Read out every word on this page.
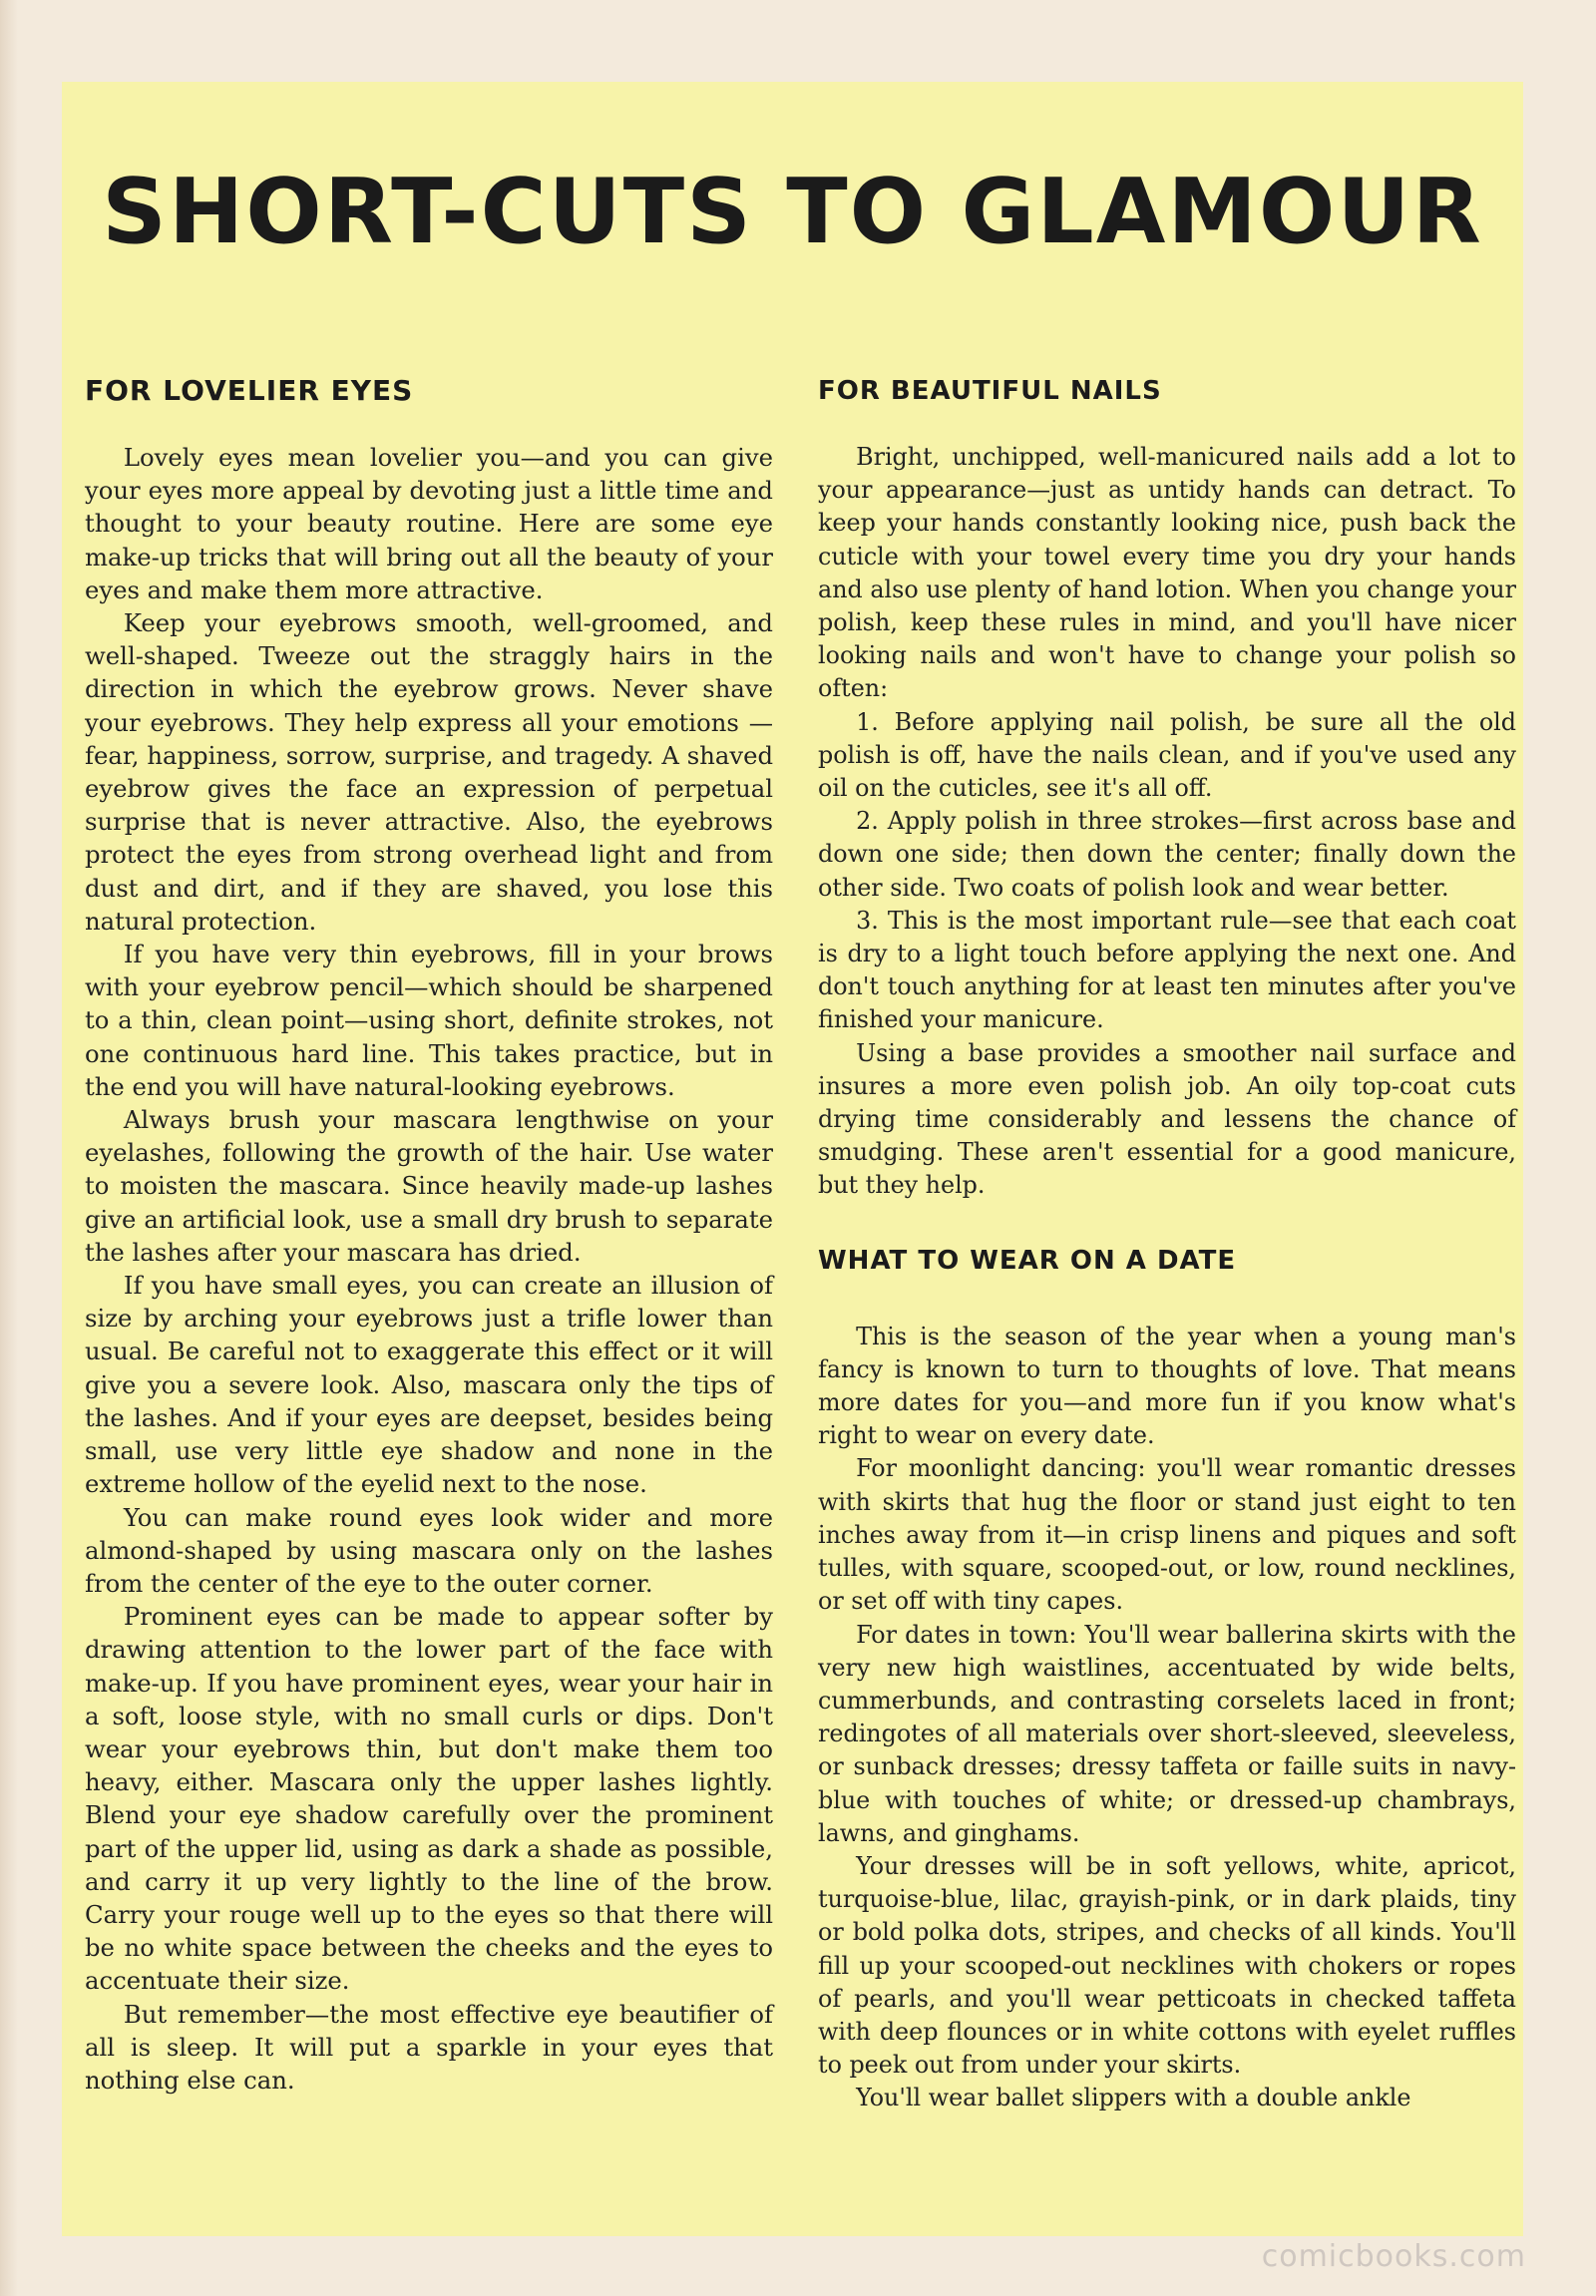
SHORT-CUTS TO GLAMOUR
FOR LOVELIER EYES

Lovely eyes mean lovelier you—and you can give your eyes more appeal by devoting just a little time and thought to your beauty routine. Here are some eye make-up tricks that will bring out all the beauty of your eyes and make them more attractive.

Keep your eyebrows smooth, well-groomed, and well-shaped. Tweeze out the straggly hairs in the direction in which the eyebrow grows. Never shave your eyebrows. They help express all your emotions —fear, happiness, sorrow, surprise, and tragedy. A shaved eyebrow gives the face an expression of perpetual surprise that is never attractive. Also, the eyebrows protect the eyes from strong overhead light and from dust and dirt, and if they are shaved, you lose this natural protection.

If you have very thin eyebrows, fill in your brows with your eyebrow pencil—which should be sharpened to a thin, clean point—using short, definite strokes, not one continuous hard line. This takes practice, but in the end you will have natural-looking eyebrows.

Always brush your mascara lengthwise on your eyelashes, following the growth of the hair. Use water to moisten the mascara. Since heavily made-up lashes give an artificial look, use a small dry brush to separate the lashes after your mascara has dried.

If you have small eyes, you can create an illusion of size by arching your eyebrows just a trifle lower than usual. Be careful not to exaggerate this effect or it will give you a severe look. Also, mascara only the tips of the lashes. And if your eyes are deepset, besides being small, use very little eye shadow and none in the extreme hollow of the eyelid next to the nose.

You can make round eyes look wider and more almond-shaped by using mascara only on the lashes from the center of the eye to the outer corner.

Prominent eyes can be made to appear softer by drawing attention to the lower part of the face with make-up. If you have prominent eyes, wear your hair in a soft, loose style, with no small curls or dips. Don't wear your eyebrows thin, but don't make them too heavy, either. Mascara only the upper lashes lightly. Blend your eye shadow carefully over the prominent part of the upper lid, using as dark a shade as possible, and carry it up very lightly to the line of the brow. Carry your rouge well up to the eyes so that there will be no white space between the cheeks and the eyes to accentuate their size.

But remember—the most effective eye beautifier of all is sleep. It will put a sparkle in your eyes that nothing else can.

FOR BEAUTIFUL NAILS

Bright, unchipped, well-manicured nails add a lot to your appearance—just as untidy hands can detract. To keep your hands constantly looking nice, push back the cuticle with your towel every time you dry your hands and also use plenty of hand lotion. When you change your polish, keep these rules in mind, and you'll have nicer looking nails and won't have to change your polish so often:

1. Before applying nail polish, be sure all the old polish is off, have the nails clean, and if you've used any oil on the cuticles, see it's all off.

2. Apply polish in three strokes—first across base and down one side; then down the center; finally down the other side. Two coats of polish look and wear better.

3. This is the most important rule—see that each coat is dry to a light touch before applying the next one. And don't touch anything for at least ten minutes after you've finished your manicure.

Using a base provides a smoother nail surface and insures a more even polish job. An oily top-coat cuts drying time considerably and lessens the chance of smudging. These aren't essential for a good manicure, but they help.

WHAT TO WEAR ON A DATE

This is the season of the year when a young man's fancy is known to turn to thoughts of love. That means more dates for you—and more fun if you know what's right to wear on every date.

For moonlight dancing: you'll wear romantic dresses with skirts that hug the floor or stand just eight to ten inches away from it—in crisp linens and piques and soft tulles, with square, scooped-out, or low, round necklines, or set off with tiny capes.

For dates in town: You'll wear ballerina skirts with the very new high waistlines, accentuated by wide belts, cummerbunds, and contrasting corselets laced in front; redingotes of all materials over short-sleeved, sleeveless, or sunback dresses; dressy taffeta or faille suits in navy-blue with touches of white; or dressed-up chambrays, lawns, and ginghams.

Your dresses will be in soft yellows, white, apricot, turquoise-blue, lilac, grayish-pink, or in dark plaids, tiny or bold polka dots, stripes, and checks of all kinds. You'll fill up your scooped-out necklines with chokers or ropes of pearls, and you'll wear petticoats in checked taffeta with deep flounces or in white cottons with eyelet ruffles to peek out from under your skirts.

You'll wear ballet slippers with a double ankle

comicbooks.com
